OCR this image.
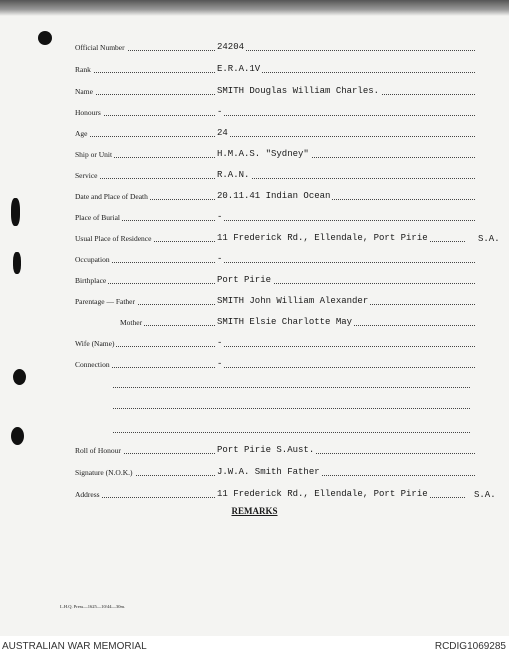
Official Number	24204
Rank	E.R.A.1V
Name	SMITH Douglas William Charles.
Honours	-
Age	24
Ship or Unit	H.M.A.S. "Sydney"
Service	R.A.N.
Date and Place of Death	20.11.41 Indian Ocean
Place of Burial	-
Usual Place of Residence	11 Frederick Rd., Ellendale, Port Pirie	S.A.
Occupation	-
Birthplace	Port Pirie
Parentage — Father	SMITH John William Alexander
Mother	SMITH Elsie Charlotte May
Wife (Name)	-
Connection	-
Roll of Honour	Port Pirie S.Aust.
Signature (N.O.K.)	J.W.A. Smith Father
Address	11 Frederick Rd., Ellendale, Port Pirie	S.A.
REMARKS
L.H.Q. Press—1625—10/44—30m.
AUSTRALIAN WAR MEMORIAL	RCDIG1069285
